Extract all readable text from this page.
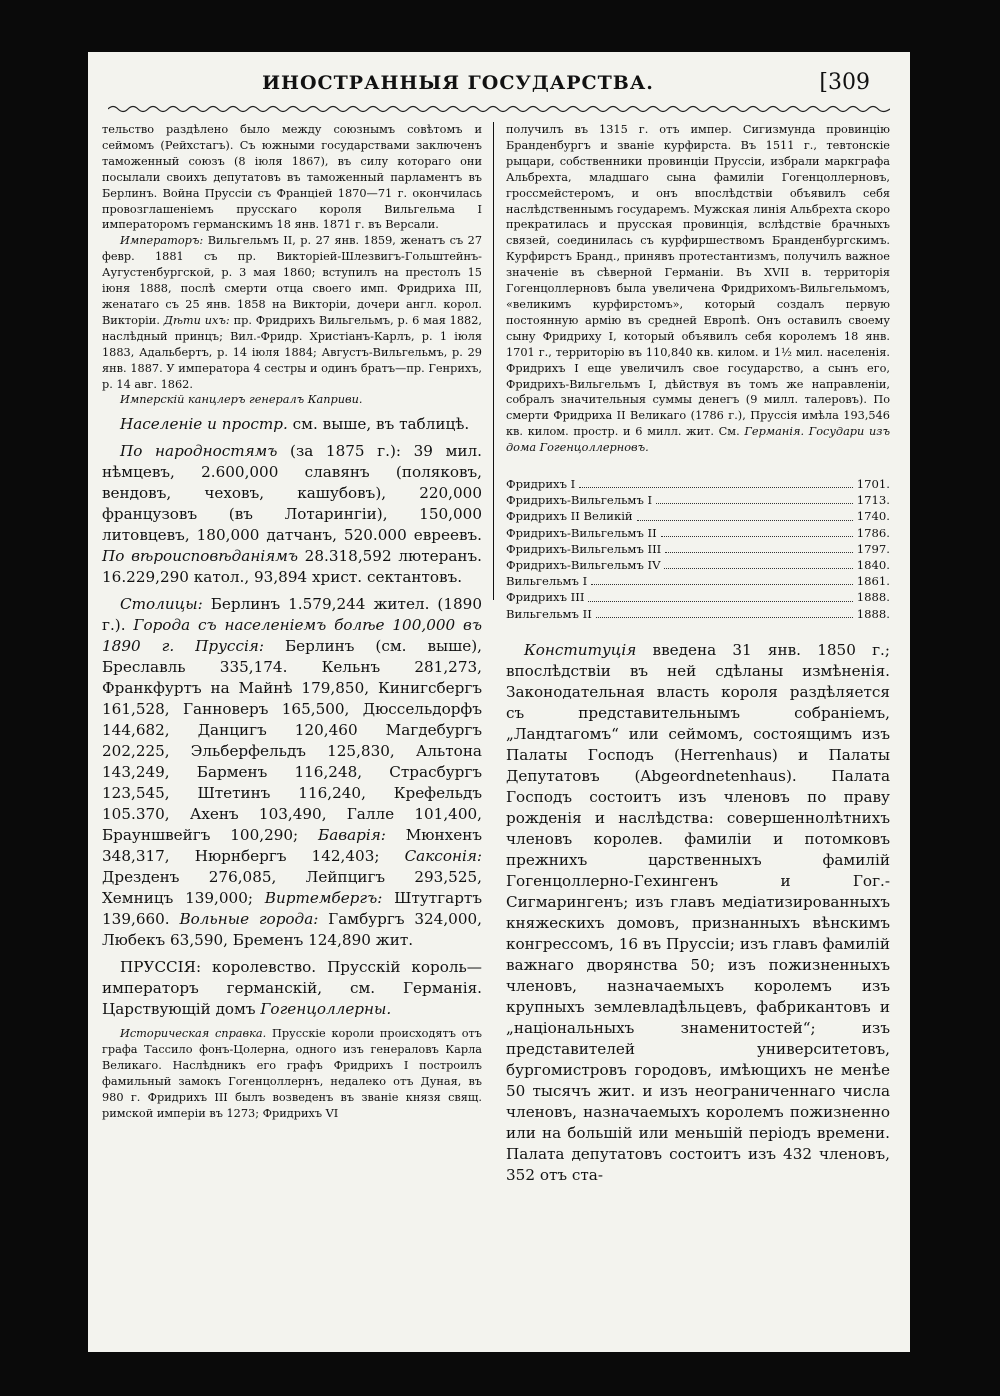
ИНОСТРАННЫЯ ГОСУДАРСТВА.	[309

тельство раздѣлено было между союзнымъ совѣтомъ и сеймомъ (Рейхстагъ). Съ южными государствами заключенъ таможенный союзъ (8 іюля 1867), въ силу котораго они посылали своихъ депутатовъ въ таможенный парламентъ въ Берлинъ. Война Пруссіи съ Франціей 1870—71 г. окончилась провозглашеніемъ прусскаго короля Вильгельма I императоромъ германскимъ 18 янв. 1871 г. въ Версали.

Императоръ: Вильгельмъ II, р. 27 янв. 1859, женатъ съ 27 февр. 1881 съ пр. Викторіей-Шлезвигъ-Гольштейнъ-Аугустенбургской, р. 3 мая 1860; вступилъ на престолъ 15 іюня 1888, послѣ смерти отца своего имп. Фридриха III, женатаго съ 25 янв. 1858 на Викторіи, дочери англ. корол. Викторіи. Дѣти ихъ: пр. Фридрихъ Вильгельмъ, р. 6 мая 1882, наслѣдный принцъ; Вил.-Фридр. Христіанъ-Карлъ, р. 1 іюля 1883, Адальбертъ, р. 14 іюля 1884; Августъ-Вильгельмъ, р. 29 янв. 1887. У императора 4 сестры и одинъ братъ—пр. Генрихъ, р. 14 авг. 1862.

Имперскій канцлеръ генералъ Каприви.

Населеніе и простр. см. выше, въ таблицѣ.

По народностямъ (за 1875 г.): 39 мил. нѣмцевъ, 2.600,000 славянъ (поляковъ, вендовъ, чеховъ, кашубовъ), 220,000 французовъ (въ Лотарингіи), 150,000 литовцевъ, 180,000 датчанъ, 520.000 евреевъ. По вѣроисповѣданіямъ 28.318,592 лютеранъ. 16.229,290 катол., 93,894 христ. сектантовъ.

Столицы: Берлинъ 1.579,244 жител. (1890 г.). Города съ населеніемъ болѣе 100,000 въ 1890 г. Пруссія: Берлинъ (см. выше), Бреславль 335,174. Кельнъ 281,273, Франкфуртъ на Майнѣ 179,850, Кинигсбергъ 161,528, Ганноверъ 165,500, Дюссельдорфъ 144,682, Данцигъ 120,460 Магдебургъ 202,225, Эльберфельдъ 125,830, Альтона 143,249, Барменъ 116,248, Страсбургъ 123,545, Штетинъ 116,240, Крефельдъ 105.370, Ахенъ 103,490, Галле 101,400, Брауншвейгъ 100,290; Баварія: Мюнхенъ 348,317, Нюрнбергъ 142,403; Саксонія: Дрезденъ 276,085, Лейпцигъ 293,525, Хемницъ 139,000; Виртембергъ: Штутгартъ 139,660. Вольные города: Гамбургъ 324,000, Любекъ 63,590, Бременъ 124,890 жит.

ПРУССІЯ: королевство. Прусскій король—императоръ германскій, см. Германія. Царствующій домъ Гогенцоллерны.

Историческая справка. Прусскіе короли происходятъ отъ графа Тассило фонъ-Цолерна, одного изъ генераловъ Карла Великаго. Наслѣдникъ его графъ Фридрихъ I построилъ фамильный замокъ Гогенцоллернъ, недалеко отъ Дуная, въ 980 г. Фридрихъ III былъ возведенъ въ званіе князя свящ. римской имперіи въ 1273; Фридрихъ VI

получилъ въ 1315 г. отъ импер. Сигизмунда провинцію Бранденбургъ и званіе курфирста. Въ 1511 г., тевтонскіе рыцари, собственники провинціи Пруссіи, избрали маркграфа Альбрехта, младшаго сына фамиліи Гогенцоллерновъ, гроссмейстеромъ, и онъ впослѣдствіи объявилъ себя наслѣдственнымъ государемъ. Мужская линія Альбрехта скоро прекратилась и прусская провинція, вслѣдствіе брачныхъ связей, соединилась съ курфиршествомъ Бранденбургскимъ. Курфирстъ Бранд., принявъ протестантизмъ, получилъ важное значеніе въ сѣверной Германіи. Въ XVII в. территорія Гогенцоллерновъ была увеличена Фридрихомъ-Вильгельмомъ, «великимъ курфирстомъ», который создалъ первую постоянную армію въ средней Европѣ. Онъ оставилъ своему сыну Фридриху I, который объявилъ себя королемъ 18 янв. 1701 г., территорію въ 110,840 кв. килом. и 1½ мил. населенія. Фридрихъ I еще увеличилъ свое государство, а сынъ его, Фридрихъ-Вильгельмъ I, дѣйствуя въ томъ же направленіи, собралъ значительныя суммы денегъ (9 милл. талеровъ). По смерти Фридриха II Великаго (1786 г.), Пруссія имѣла 193,546 кв. килом. простр. и 6 милл. жит. См. Германія. Государи изъ дома Гогенцоллерновъ.

Фридрихъ I	1701.
Фридрихъ-Вильгельмъ I	1713.
Фридрихъ II Великій	1740.
Фридрихъ-Вильгельмъ II	1786.
Фридрихъ-Вильгельмъ III	1797.
Фридрихъ-Вильгельмъ IV	1840.
Вильгельмъ I	1861.
Фридрихъ III	1888.
Вильгельмъ II	1888.

Конституція введена 31 янв. 1850 г.; впослѣдствіи въ ней сдѣланы измѣненія. Законодательная власть короля раздѣляется съ представительнымъ собраніемъ, „Ландтагомъ“ или сеймомъ, состоящимъ изъ Палаты Господъ (Herrenhaus) и Палаты Депутатовъ (Abgeordnetenhaus). Палата Господъ состоитъ изъ членовъ по праву рожденія и наслѣдства: совершеннолѣтнихъ членовъ королев. фамиліи и потомковъ прежнихъ царственныхъ фамилій Гогенцоллерно-Гехингенъ и Гог.-Сигмарингенъ; изъ главъ медіатизированныхъ княжескихъ домовъ, признанныхъ вѣнскимъ конгрессомъ, 16 въ Пруссіи; изъ главъ фамилій важнаго дворянства 50; изъ пожизненныхъ членовъ, назначаемыхъ королемъ изъ крупныхъ землевладѣльцевъ, фабрикантовъ и „національныхъ знаменитостей“; изъ представителей университетовъ, бургомистровъ городовъ, имѣющихъ не менѣе 50 тысячъ жит. и изъ неограниченнаго числа членовъ, назначаемыхъ королемъ пожизненно или на большій или меньшій періодъ времени. Палата депутатовъ состоитъ изъ 432 членовъ, 352 отъ ста-
